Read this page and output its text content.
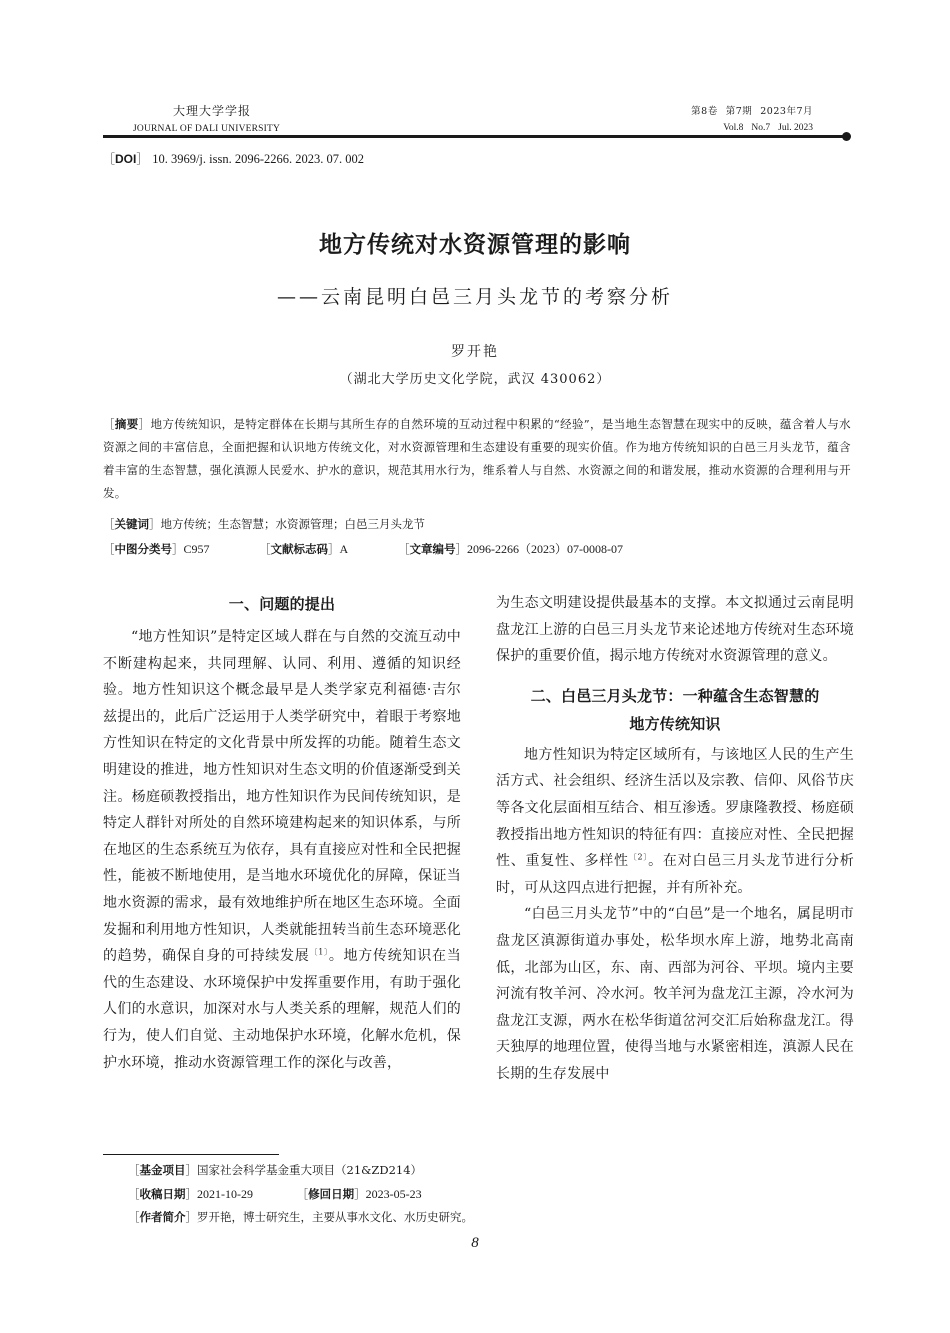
大理大学学报
JOURNAL OF DALI UNIVERSITY
第8卷 第7期 2023年7月
Vol.8 No.7 Jul. 2023
［DOI］ 10. 3969/j. issn. 2096-2266. 2023. 07. 002
地方传统对水资源管理的影响
——云南昆明白邑三月头龙节的考察分析
罗开艳
（湖北大学历史文化学院，武汉 430062）
［摘要］地方传统知识，是特定群体在长期与其所生存的自然环境的互动过程中积累的“经验”，是当地生态智慧在现实中的反映，蕴含着人与水资源之间的丰富信息，全面把握和认识地方传统文化，对水资源管理和生态建设有重要的现实价值。作为地方传统知识的白邑三月头龙节，蕴含着丰富的生态智慧，强化滇源人民爱水、护水的意识，规范其用水行为，维系着人与自然、水资源之间的和谐发展，推动水资源的合理利用与开发。
［关键词］地方传统；生态智慧；水资源管理；白邑三月头龙节
［中图分类号］C957	［文献标志码］A	［文章编号］2096-2266（2023）07-0008-07
一、问题的提出

“地方性知识”是特定区域人群在与自然的交流互动中不断建构起来，共同理解、认同、利用、遵循的知识经验。地方性知识这个概念最早是人类学家克利福德·吉尔兹提出的，此后广泛运用于人类学研究中，着眼于考察地方性知识在特定的文化背景中所发挥的功能。随着生态文明建设的推进，地方性知识对生态文明的价值逐渐受到关注。杨庭硕教授指出，地方性知识作为民间传统知识，是特定人群针对所处的自然环境建构起来的知识体系，与所在地区的生态系统互为依存，具有直接应对性和全民把握性，能被不断地使用，是当地水环境优化的屏障，保证当地水资源的需求，最有效地维护所在地区生态环境。全面发掘和利用地方性知识，人类就能扭转当前生态环境恶化的趋势，确保自身的可持续发展$^{〔1〕}$。地方传统知识在当代的生态建设、水环境保护中发挥重要作用，有助于强化人们的水意识，加深对水与人类关系的理解，规范人们的行为，使人们自觉、主动地保护水环境，化解水危机，保护水环境，推动水资源管理工作的深化与改善，

为生态文明建设提供最基本的支撑。本文拟通过云南昆明盘龙江上游的白邑三月头龙节来论述地方传统对生态环境保护的重要价值，揭示地方传统对水资源管理的意义。

二、白邑三月头龙节：一种蕴含生态智慧的
地方传统知识

地方性知识为特定区域所有，与该地区人民的生产生活方式、社会组织、经济生活以及宗教、信仰、风俗节庆等各文化层面相互结合、相互渗透。罗康隆教授、杨庭硕教授指出地方性知识的特征有四：直接应对性、全民把握性、重复性、多样性$^{〔2〕}$。在对白邑三月头龙节进行分析时，可从这四点进行把握，并有所补充。

“白邑三月头龙节”中的“白邑”是一个地名，属昆明市盘龙区滇源街道办事处，松华坝水库上游，地势北高南低，北部为山区，东、南、西部为河谷、平坝。境内主要河流有牧羊河、冷水河。牧羊河为盘龙江主源，冷水河为盘龙江支源，两水在松华街道岔河交汇后始称盘龙江。得天独厚的地理位置，使得当地与水紧密相连，滇源人民在长期的生存发展中

［基金项目］国家社会科学基金重大项目（21&ZD214）
［收稿日期］2021-10-29	［修回日期］2023-05-23
［作者简介］罗开艳，博士研究生，主要从事水文化、水历史研究。
8
